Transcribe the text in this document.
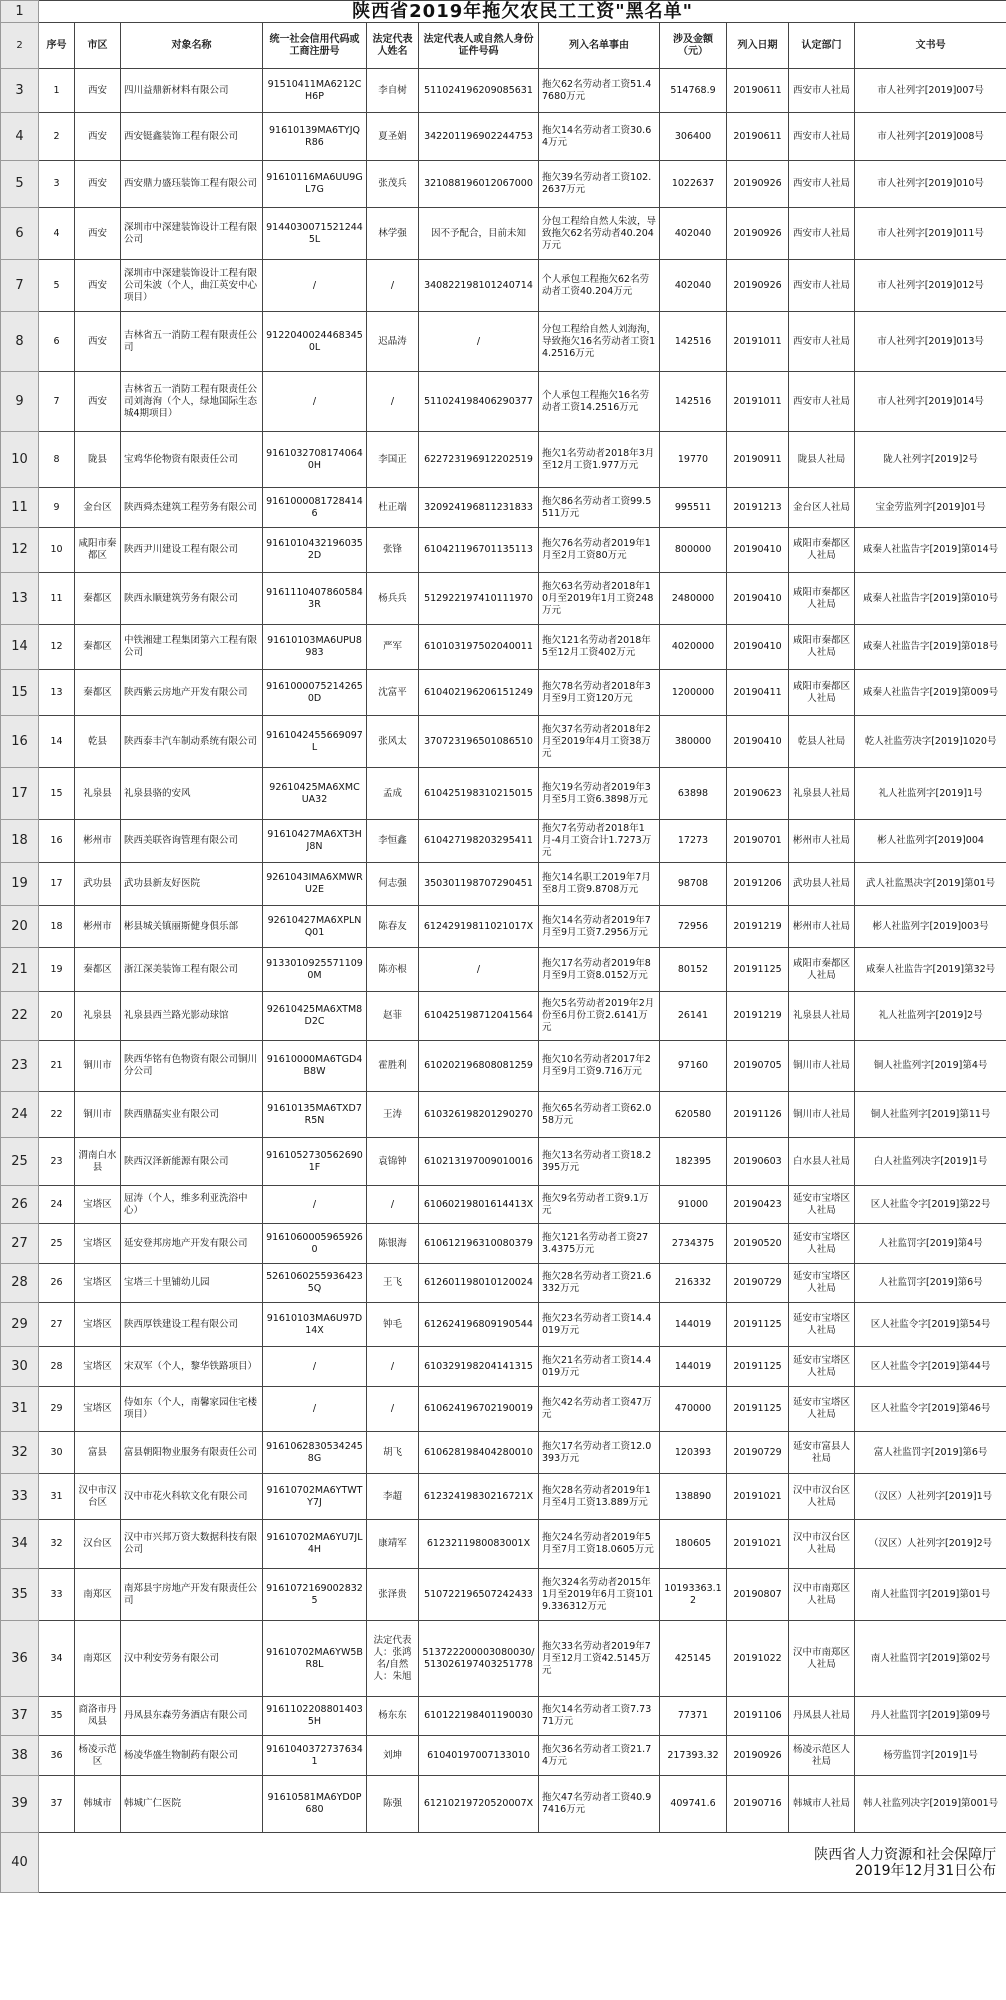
1	陕西省2019年拖欠农民工工资"黑名单"										
2	序号	市区	对象名称	统一社会信用代码或工商注册号	法定代表人姓名	法定代表人或自然人身份证件号码	列入名单事由	涉及金额（元）	列入日期	认定部门	文书号
3	1	西安	四川益鼎新材料有限公司	91510411MA6212CH6P	李自树	511024196209085631	拖欠62名劳动者工资51.47680万元	514768.9	20190611	西安市人社局	市人社列字[2019]007号
4	2	西安	西安铤鑫装饰工程有限公司	91610139MA6TYJQR86	夏圣娟	342201196902244753	拖欠14名劳动者工资30.64万元	306400	20190611	西安市人社局	市人社列字[2019]008号
5	3	西安	西安鼎力盛珏装饰工程有限公司	91610116MA6UU9GL7G	张茂兵	321088196012067000	拖欠39名劳动者工资102.2637万元	1022637	20190926	西安市人社局	市人社列字[2019]010号
6	4	西安	深圳市中深建装饰设计工程有限公司	91440300715212445L	林学强	因不予配合，目前未知	分包工程给自然人朱波，导致拖欠62名劳动者40.204万元	402040	20190926	西安市人社局	市人社列字[2019]011号
7	5	西安	深圳市中深建装饰设计工程有限公司朱波（个人，曲江英安中心项目）	/	/	340822198101240714	个人承包工程拖欠62名劳动者工资40.204万元	402040	20190926	西安市人社局	市人社列字[2019]012号
8	6	西安	吉林省五一消防工程有限责任公司	91220400244683450L	迟晶涛	/	分包工程给自然人刘海洵，导致拖欠16名劳动者工资14.2516万元	142516	20191011	西安市人社局	市人社列字[2019]013号
9	7	西安	吉林省五一消防工程有限责任公司刘海洵（个人，绿地国际生态城4期项目）	/	/	511024198406290377	个人承包工程拖欠16名劳动者工资14.2516万元	142516	20191011	西安市人社局	市人社列字[2019]014号
10	8	陇县	宝鸡华伦物资有限责任公司	916103270817406​40H	李国正	622723196912202519	拖欠1名劳动者2018年3月至12月工资1.977万元	19770	20190911	陇县人社局	陇人社列字[2019]2号
11	9	金台区	陕西舜杰建筑工程劳务有限公司	91610000817284146	杜正端	320924196811231833	拖欠86名劳动者工资99.5511万元	995511	20191213	金台区人社局	宝金劳监列字[2019]01号
12	10	咸阳市秦都区	陕西尹川建设工程有限公司	91610104321960352D	张锋	610421196701135113	拖欠76名劳动者2019年1月至2月工资80万元	800000	20190410	咸阳市秦都区人社局	咸秦人社监告字[2019]第014号
13	11	秦都区	陕西永顺建筑劳务有限公司	91611104078605843R	杨兵兵	512922197410111970	拖欠63名劳动者2018年10月至2019年1月工资248万元	2480000	20190410	咸阳市秦都区人社局	咸秦人社监告字[2019]第010号
14	12	秦都区	中铁湘建工程集团第六工程有限公司	91610103MA6UPU8983	严军	610103197502040011	拖欠121名劳动者2018年5至12月工资402万元	4020000	20190410	咸阳市秦都区人社局	咸秦人社监告字[2019]第018号
15	13	秦都区	陕西紫云房地产开发有限公司	91610000752142650D	沈富平	610402196206151249	拖欠78名劳动者2018年3月至9月工资120万元	1200000	20190411	咸阳市秦都区人社局	咸秦人社监告字[2019]第009号
16	14	乾县	陕西泰丰汽车制动系统有限公司	91610424556690​97L	张风太	370723196501086510	拖欠37名劳动者2018年2月至2019年4月工资38万元	380000	20190410	乾县人社局	乾人社监劳决字[2019]1020号
17	15	礼泉县	礼泉县骆的安风	92610425MA6XMCUA32	孟成	610425198310215015	拖欠19名劳动者2019年3月至5月工资6.3898万元	63898	20190623	礼泉县人社局	礼人社监列字[2019]1号
18	16	彬州市	陕西美联咨询管理有限公司	91610427MA6XT3HJ8N	李恒鑫	610427198203295411	拖欠7名劳动者2018年1月-4月工资合计1.7273万元	17273	20190701	彬州市人社局	彬人社监列字[2019]004
19	17	武功县	武功县新友好医院	9261043IMA6XMWRU2E	何志强	350301198707290451	拖欠14名职工2019年7月至8月工资9.8708万元	98708	20191206	武功县人社局	武人社监黑决字[2019]第01号
20	18	彬州市	彬县城关镇丽斯健身俱乐部	92610427MA6XPLNQ01	陈春友	61242919811021017X	拖欠14名劳动者2019年7月至9月工资7.2956万元	72956	20191219	彬州市人社局	彬人社监列字[2019]003号
21	19	秦都区	浙江深美装饰工程有限公司	91330109255711090M	陈亦根	/	拖欠17名劳动者2019年8月至9月工资8.0152万元	80152	20191125	咸阳市秦都区人社局	咸秦人社监告字[2019]第32号
22	20	礼泉县	礼泉县西兰路光影动球馆	92610425MA6XTM8D2C	赵菲	610425198712041564	拖欠5名劳动者2019年2月份至6月份工资2.6141万元	26141	20191219	礼泉县人社局	礼人社监列字[2019]2号
23	21	铜川市	陕西华铭有色物资有限公司铜川分公司	91610000MA6TGD4B8W	霍胜利	610202196808081259	拖欠10名劳动者2017年2月至9月工资9.716万元	97160	20190705	铜川市人社局	铜人社监列字[2019]第4号
24	22	铜川市	陕西鼎磊实业有限公司	91610135MA6TXD7R5N	王涛	610326198201290270	拖欠65名劳动者工资62.058万元	620580	20191126	铜川市人社局	铜人社监列字[2019]第11号
25	23	渭南白水县	陕西汉泽新能源有限公司	91610527305626901F	袁锦钟	610213197009010016	拖欠13名劳动者工资18.2395万元	182395	20190603	白水县人社局	白人社监列决字[2019]1号
26	24	宝塔区	屈涛（个人，维多利亚洗浴中心）	/	/	61060219801614413X	拖欠9名劳动者工资9.1万元	91000	20190423	延安市宝塔区人社局	区人社监令字[2019]第22号
27	25	宝塔区	延安登邦房地产开发有限公司	91610600059659260	陈银海	610612196310080379	拖欠121名劳动者工资273.4375万元	2734375	20190520	延安市宝塔区人社局	人社监罚字[2019]第4号
28	26	宝塔区	宝塔三十里铺幼儿园	52610602559364235Q	王飞	612601198010120024	拖欠28名劳动者工资21.6332万元	216332	20190729	延安市宝塔区人社局	人社监罚字[2019]第6号
29	27	宝塔区	陕西厚铁建设工程有限公司	91610103MA6U97D14X	钟毛	612624196809190544	拖欠23名劳动者工资14.4019万元	144019	20191125	延安市宝塔区人社局	区人社监令字[2019]第54号
30	28	宝塔区	宋双军（个人，黎华铁路项目）	/	/	610329198204141315	拖欠21名劳动者工资14.4019万元	144019	20191125	延安市宝塔区人社局	区人社监令字[2019]第44号
31	29	宝塔区	侍如东（个人，南馨家园住宅楼项目）	/	/	610624196702190019	拖欠42名劳动者工资47万元	470000	20191125	延安市宝塔区人社局	区人社监令字[2019]第46号
32	30	富县	富县朝阳物业服务有限责任公司	91610628305342458G	胡飞	610628198404280010	拖欠17名劳动者工资12.0393万元	120393	20190729	延安市富县人社局	富人社监罚字[2019]第6号
33	31	汉中市汉台区	汉中市花火科软文化有限公司	91610702MA6YTWTY7J	李超	61232419830216721X	拖欠28名劳动者2019年1月至4月工资13.889万元	138890	20191021	汉中市汉台区人社局	（汉区）人社列字[2019]1号
34	32	汉台区	汉中市兴邦万资大数据科技有限公司	91610702MA6YU7JL4H	康靖军	61232119​8008​3001X	拖欠24名劳动者2019年5月至7月工资18.0605万元	180605	20191021	汉中市汉台区人社局	（汉区）人社列字[2019]2号
35	33	南郑区	南郑县宇房地产开发有限责任公司	91610721690028325	张泽贵	510722196507242433	拖欠324名劳动者2015年1月至2019年6月工资1019.336312万元	10193363.12	20190807	汉中市南郑区人社局	南人社监罚字[2019]第01号
36	34	南郑区	汉中利安劳务有限公司	91610702MA6YW5BR8L	法定代表人：张鸿名/自然人：朱旭	513722200003080030/513026197403251778	拖欠33名劳动者2019年7月至12月工资42.5145万元	425145	20191022	汉中市南郑区人社局	南人社监罚字[2019]第02号
37	35	商洛市丹凤县	丹凤县东森劳务酒店有限公司	91611022088014035H	杨东东	610122198401190030	拖欠14名劳动者工资7.7371万元	77371	20191106	丹凤县人社局	丹人社监罚字[2019]第09号
38	36	杨凌示范区	杨凌华盛生物制药有限公司	91610403727376341	刘坤	610401970071330​10	拖欠36名劳动者工资21.74万元	217393.32	20190926	杨凌示范区人社局	杨劳监罚字[2019]1号
39	37	韩城市	韩城广仁医院	91610581MA6YD0P680	陈强	612102197205200​07X	拖欠47名劳动者工资40.97416万元	409741.6	20190716	韩城市人社局	韩人社监列决字[2019]第001号
40	陕西省人力资源和社会保障厅
2019年12月31日公布										
